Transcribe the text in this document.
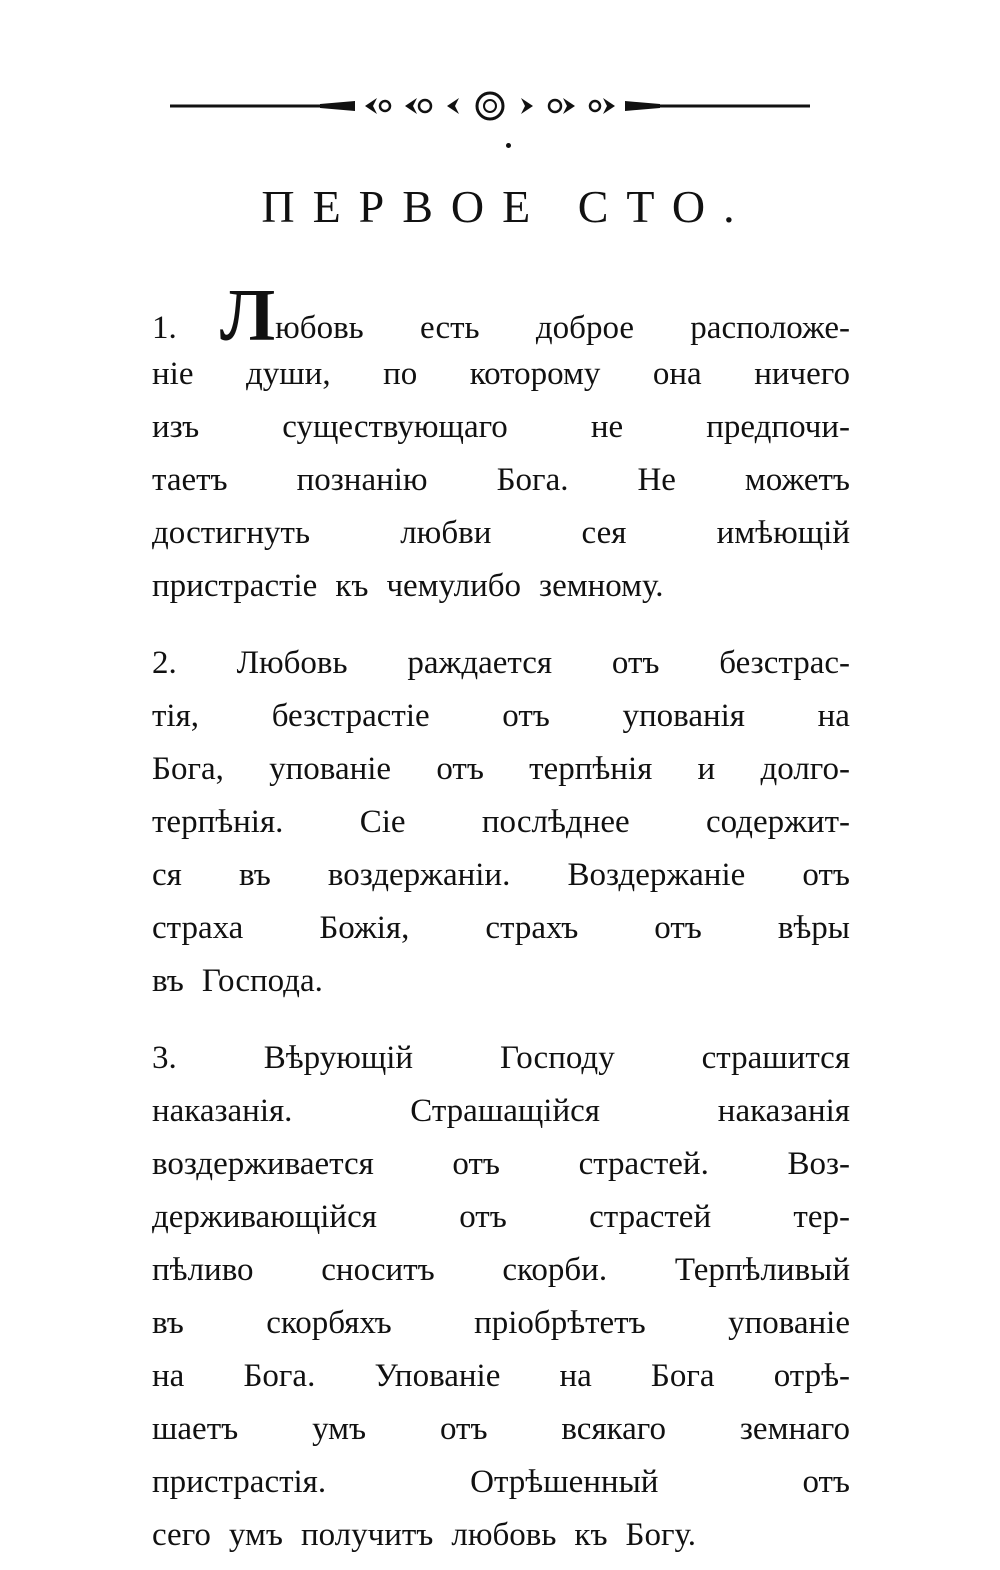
ПЕРВОЕ СТО.
1. Любовь есть доброе расположе-
ніе души, по которому она ничего
изъ	существующаго	не	предпочи-
таетъ познанію Бога. Не можетъ
достигнуть	любви	сея	имѣющій
пристрастіе къ чемулибо земному.
2. Любовь раждается отъ безстрас-
тія, безстрастіе отъ упованія на
Бога, упованіе отъ терпѣнія и долго-
терпѣнія. Сіе послѣднее содержит-
ся въ воздержаніи. Воздержаніе отъ
страха Божія, страхъ отъ вѣры
въ Господа.
3.	Вѣрующій	Господу	страшится
наказанія.	Страшащійся	наказанія
воздерживается отъ страстей. Воз-
держивающійся отъ страстей тер-
пѣливо сноситъ скорби. Терпѣливый
въ скорбяхъ пріобрѣтетъ упованіе
на Бога. Упованіе на Бога отрѣ-
шаетъ умъ отъ всякаго земнаго
пристрастія.	Отрѣшенный	отъ
сего умъ получитъ любовь къ Богу.
